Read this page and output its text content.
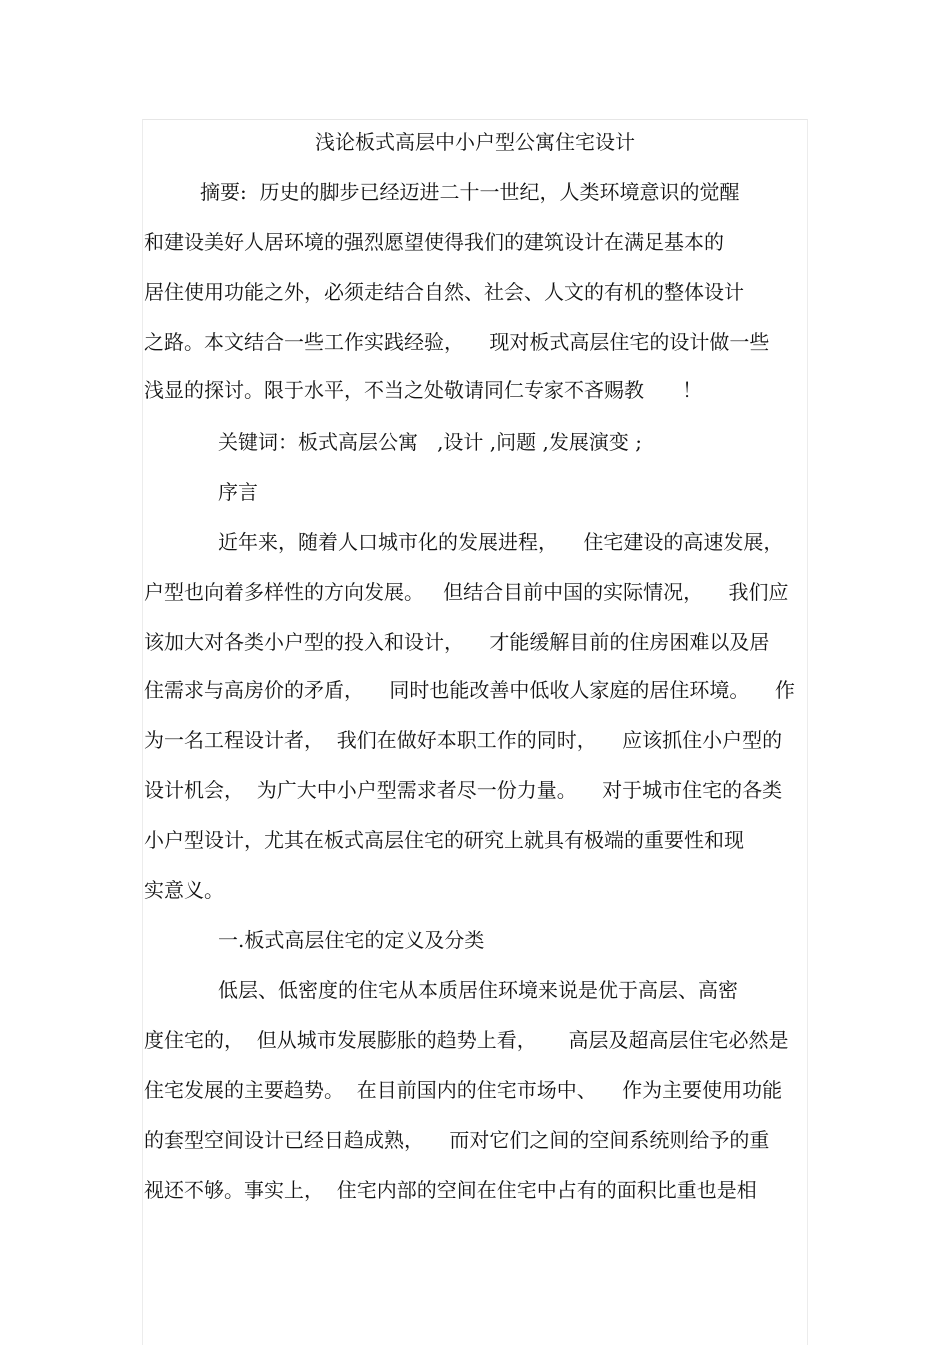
浅论板式高层中小户型公寓住宅设计
摘要:  历史的脚步已经迈进二十一世纪，人类环境意识的觉醒
和建设美好人居环境的强烈愿望使得我们的建筑设计在满足基本的
居住使用功能之外，必须走结合自然、社会、人文的有机的整体设计
之路。本文结合一些工作实践经验，    现对板式高层住宅的设计做一些
浅显的探讨。限于水平，不当之处敬请同仁专家不吝赐教      ！
关键词：板式高层公寓   ,设计 ,问题 ,发展演变 ;
序言
近年来，随着人口城市化的发展进程，    住宅建设的高速发展，
户型也向着多样性的方向发展。   但结合目前中国的实际情况，    我们应
该加大对各类小户型的投入和设计，    才能缓解目前的住房困难以及居
住需求与高房价的矛盾，    同时也能改善中低收人家庭的居住环境。    作
为一名工程设计者，  我们在做好本职工作的同时，    应该抓住小户型的
设计机会，  为广大中小户型需求者尽一份力量。    对于城市住宅的各类
小户型设计，尤其在板式高层住宅的研究上就具有极端的重要性和现
实意义。
一.板式高层住宅的定义及分类
低层、低密度的住宅从本质居住环境来说是优于高层、高密
度住宅的，  但从城市发展膨胀的趋势上看，     高层及超高层住宅必然是
住宅发展的主要趋势。  在目前国内的住宅市场中、    作为主要使用功能
的套型空间设计已经日趋成熟，    而对它们之间的空间系统则给予的重
视还不够。事实上，  住宅内部的空间在住宅中占有的面积比重也是相
